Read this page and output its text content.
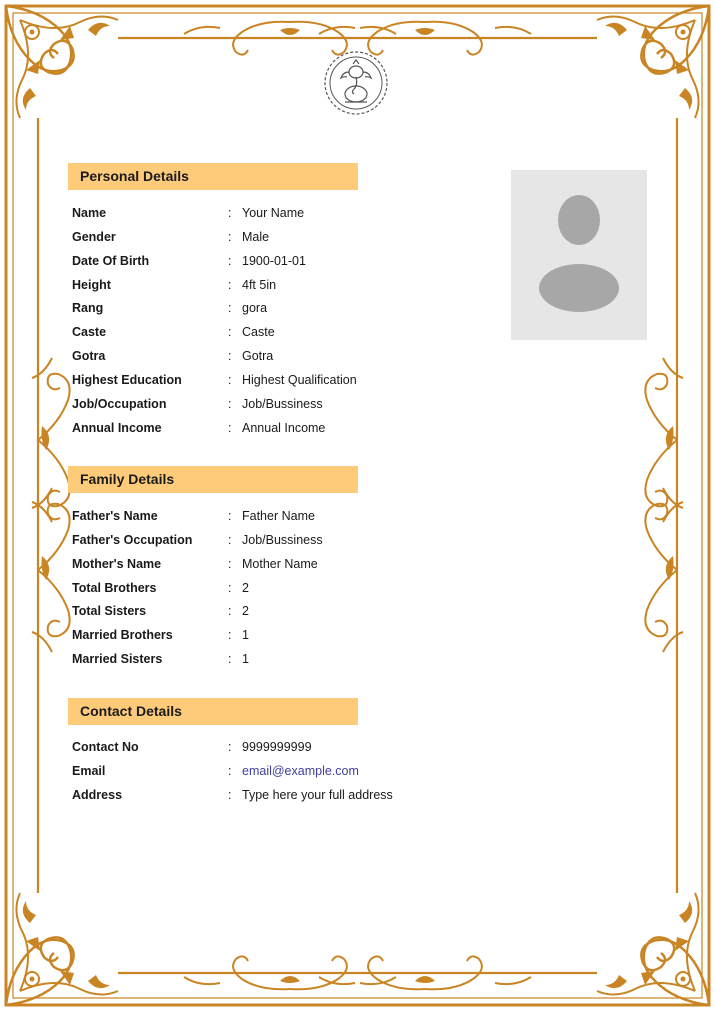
Personal Details
Name	: Your Name
Gender	: Male
Date Of Birth	: 1900-01-01
Height	: 4ft 5in
Rang	: gora
Caste	: Caste
Gotra	: Gotra
Highest Education	: Highest Qualification
Job/Occupation	: Job/Bussiness
Annual Income	: Annual Income
Family Details
Father's Name	: Father Name
Father's Occupation	: Job/Bussiness
Mother's Name	: Mother Name
Total Brothers	: 2
Total Sisters	: 2
Married Brothers	: 1
Married Sisters	: 1
Contact Details
Contact No	: 9999999999
Email	: email@example.com
Address	: Type here your full address
